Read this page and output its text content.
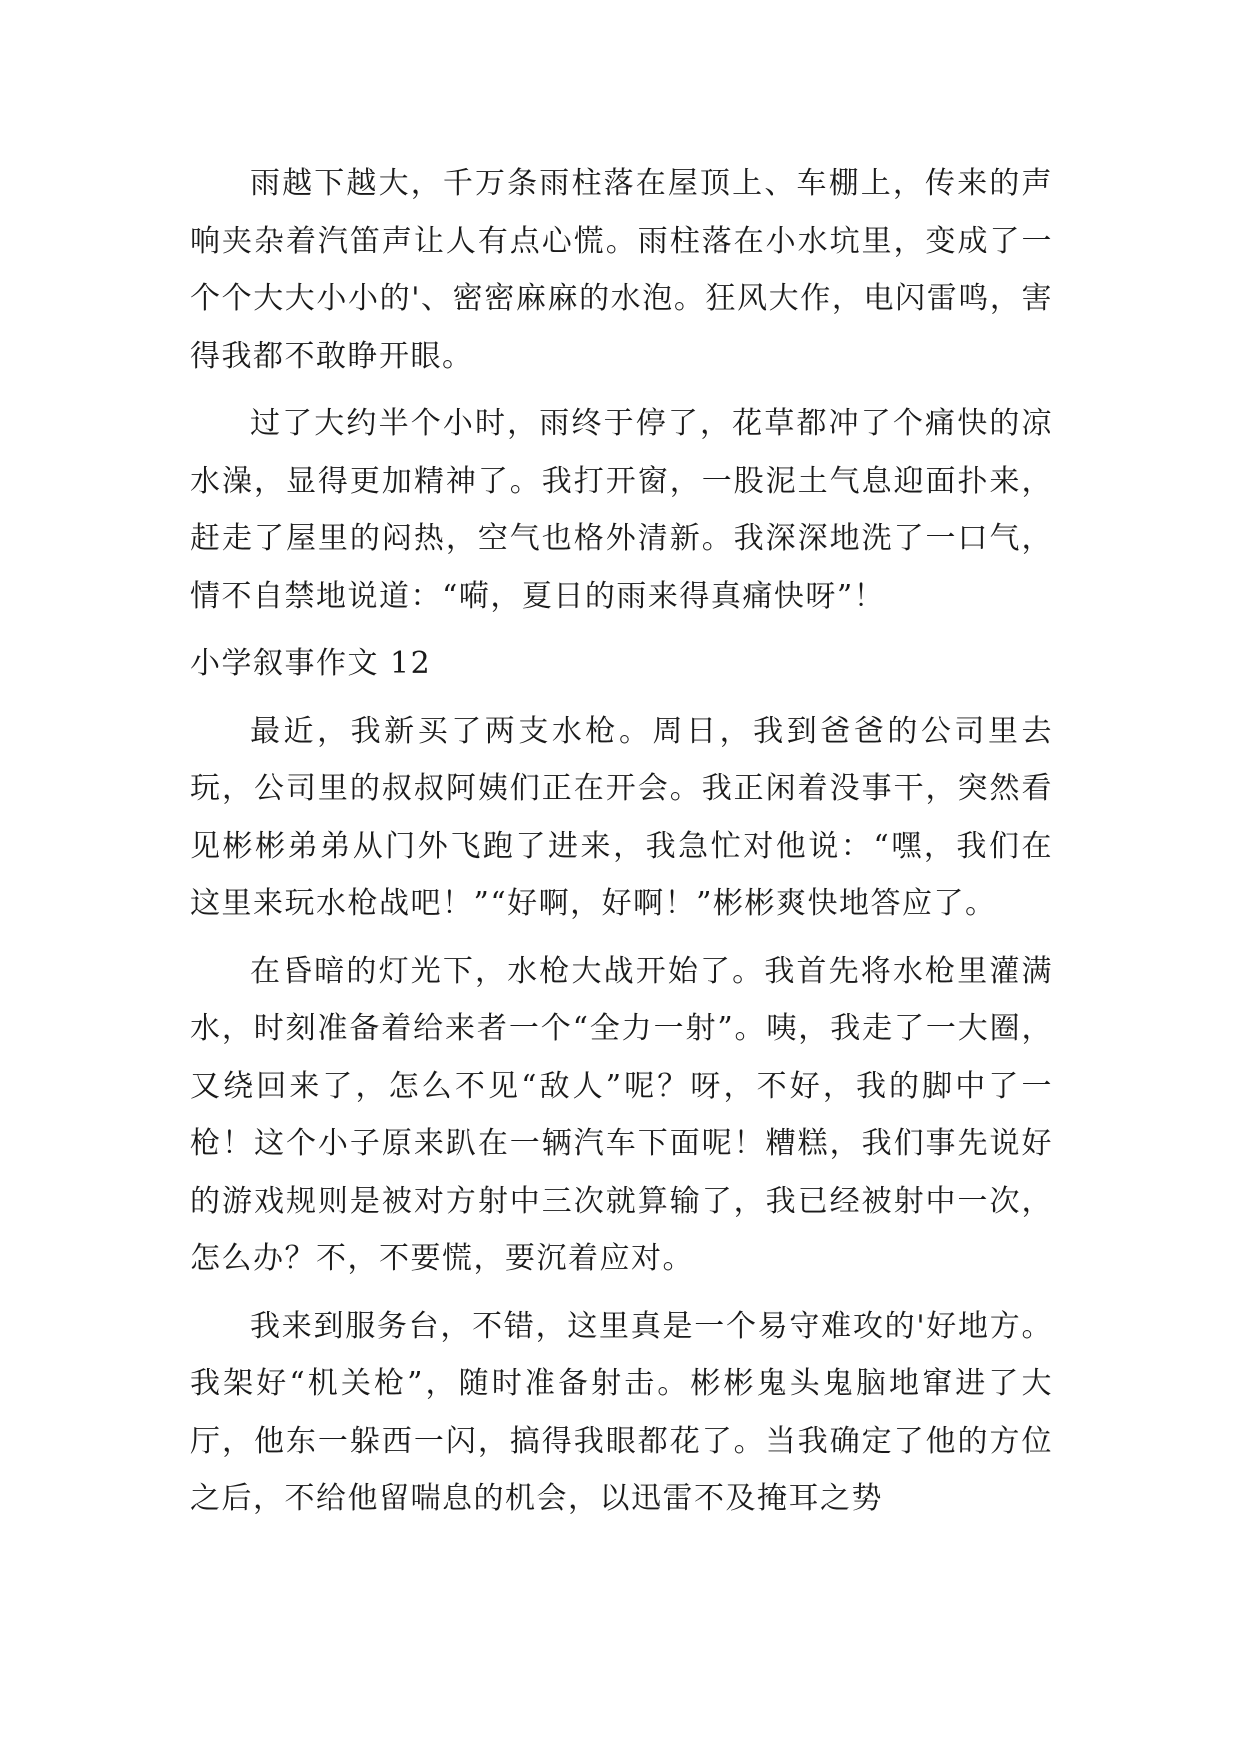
雨越下越大，千万条雨柱落在屋顶上、车棚上，传来的声响夹杂着汽笛声让人有点心慌。雨柱落在小水坑里，变成了一个个大大小小的'、密密麻麻的水泡。狂风大作，电闪雷鸣，害得我都不敢睁开眼。

过了大约半个小时，雨终于停了，花草都冲了个痛快的凉水澡，显得更加精神了。我打开窗，一股泥土气息迎面扑来，赶走了屋里的闷热，空气也格外清新。我深深地洗了一口气，情不自禁地说道：“嗬，夏日的雨来得真痛快呀”！

小学叙事作文 12

最近，我新买了两支水枪。周日，我到爸爸的公司里去玩，公司里的叔叔阿姨们正在开会。我正闲着没事干，突然看见彬彬弟弟从门外飞跑了进来，我急忙对他说：“嘿，我们在这里来玩水枪战吧！”“好啊，好啊！”彬彬爽快地答应了。

在昏暗的灯光下，水枪大战开始了。我首先将水枪里灌满水，时刻准备着给来者一个“全力一射”。咦，我走了一大圈，又绕回来了，怎么不见“敌人”呢？呀，不好，我的脚中了一枪！这个小子原来趴在一辆汽车下面呢！糟糕，我们事先说好的游戏规则是被对方射中三次就算输了，我已经被射中一次，怎么办？不，不要慌，要沉着应对。

我来到服务台，不错，这里真是一个易守难攻的'好地方。我架好“机关枪”，随时准备射击。彬彬鬼头鬼脑地窜进了大厅，他东一躲西一闪，搞得我眼都花了。当我确定了他的方位之后，不给他留喘息的机会，以迅雷不及掩耳之势
